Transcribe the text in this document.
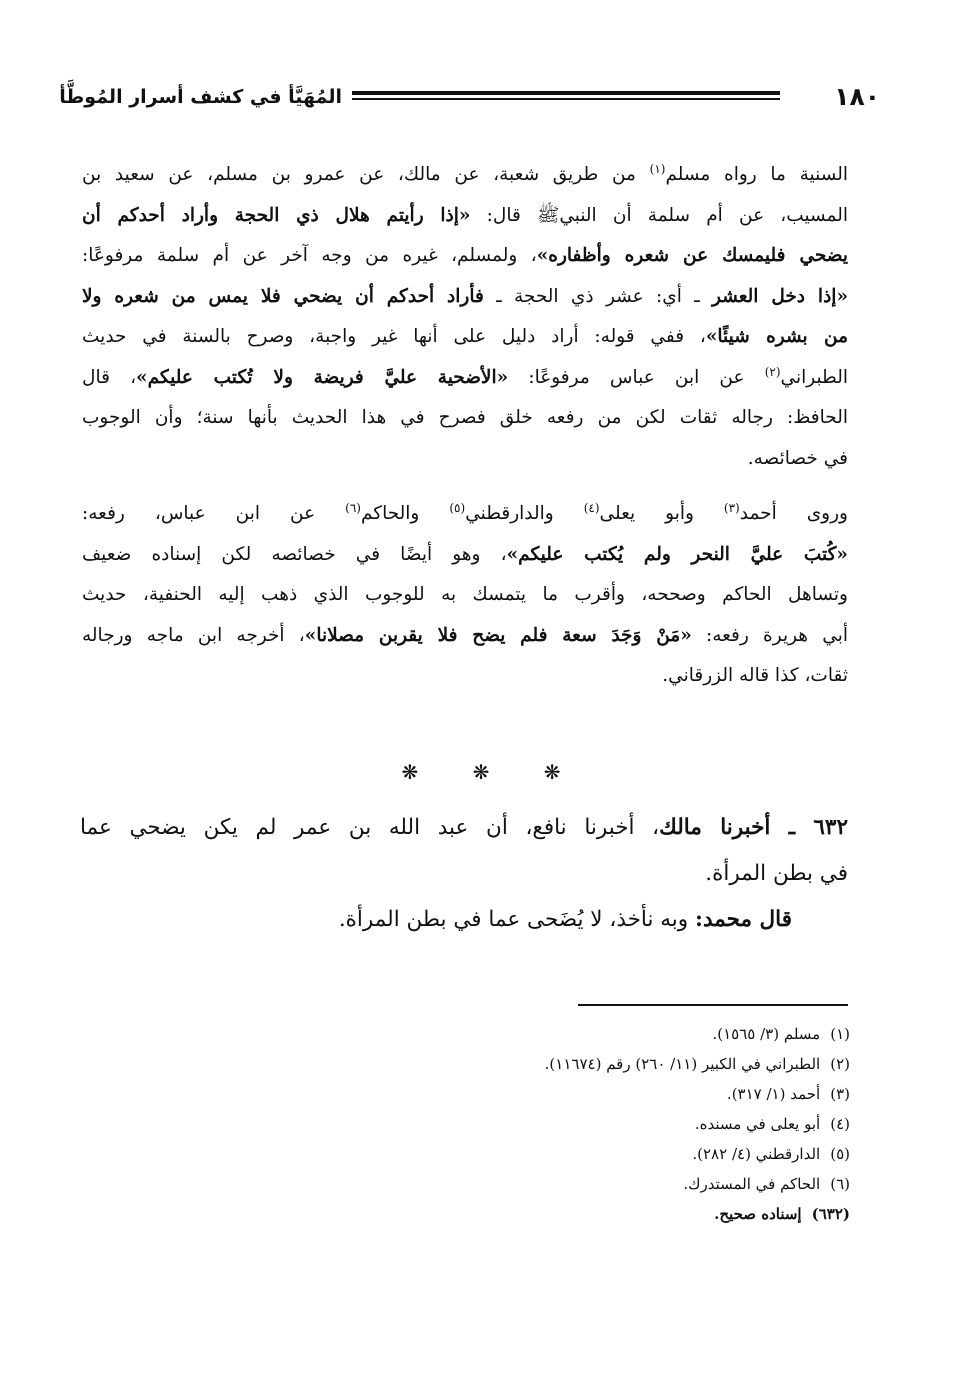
١٨٠
المُهَيَّأ في كشف أسرار المُوطَّأ
السنية ما رواه مسلم$^{(١)}$ من طريق شعبة، عن مالك، عن عمرو بن مسلم، عن سعيد بن
المسيب، عن أم سلمة أن النبيﷺ قال: «إذا رأيتم هلال ذي الحجة وأراد أحدكم أن
يضحي فليمسك عن شعره وأظفاره»، ولمسلم، غيره من وجه آخر عن أم سلمة مرفوعًا:
«إذا دخل العشر ـ أي: عشر ذي الحجة ـ فأراد أحدكم أن يضحي فلا يمس من شعره ولا
من بشره شيئًا»، ففي قوله: أراد دليل على أنها غير واجبة، وصرح بالسنة في حديث
الطبراني$^{(٢)}$ عن ابن عباس مرفوعًا: «الأضحية عليَّ فريضة ولا تُكتب عليكم»، قال
الحافظ: رجاله ثقات لكن من رفعه خلق فصرح في هذا الحديث بأنها سنة؛ وأن الوجوب
في خصائصه.
وروى أحمد$^{(٣)}$ وأبو يعلى$^{(٤)}$ والدارقطني$^{(٥)}$ والحاكم$^{(٦)}$ عن ابن عباس، رفعه:
«كُتبَ عليَّ النحر ولم يُكتب عليكم»، وهو أيضًا في خصائصه لكن إسناده ضعيف
وتساهل الحاكم وصححه، وأقرب ما يتمسك به للوجوب الذي ذهب إليه الحنفية، حديث
أبي هريرة رفعه: «مَنْ وَجَدَ سعة فلم يضح فلا يقربن مصلانا»، أخرجه ابن ماجه ورجاله
ثقات، كذا قاله الزرقاني.
❋	❋	❋
٦٣٢ ـ أخبرنا مالك، أخبرنا نافع، أن عبد الله بن عمر لم يكن يضحي عما
في بطن المرأة.
قال محمد: وبه نأخذ، لا يُضَحى عما في بطن المرأة.
(١)مسلم (٣/ ١٥٦٥).
(٢)الطبراني في الكبير (١١/ ٢٦٠) رقم (١١٦٧٤).
(٣)أحمد (١/ ٣١٧).
(٤)أبو يعلى في مسنده.
(٥)الدارقطني (٤/ ٢٨٢).
(٦)الحاكم في المستدرك.
(٦٣٢)إسناده صحيح.
